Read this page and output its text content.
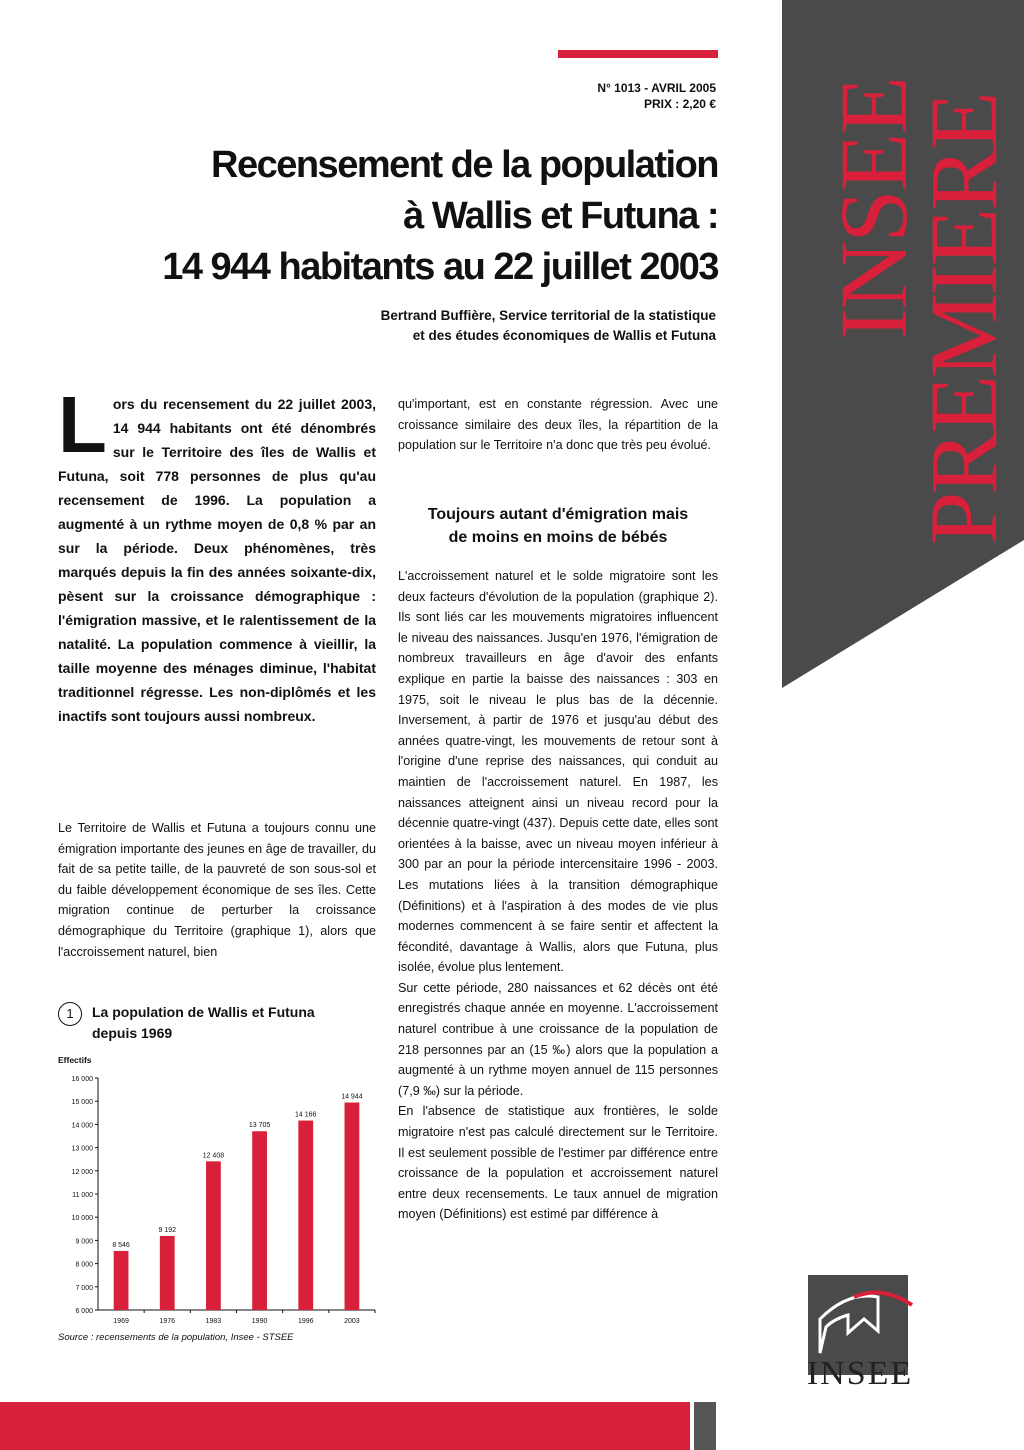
INSEE
PREMIERE
N° 1013 - AVRIL 2005
PRIX : 2,20 €
Recensement de la population
à Wallis et Futuna :
14 944 habitants au 22 juillet 2003
Bertrand Buffière, Service territorial de la statistique
et des études économiques de Wallis et Futuna
Lors du recensement du 22 juillet 2003, 14 944 habitants ont été dénombrés sur le Territoire des îles de Wallis et Futuna, soit 778 personnes de plus qu'au recensement de 1996. La population a augmenté à un rythme moyen de 0,8 % par an sur la période. Deux phénomènes, très marqués depuis la fin des années soixante-dix, pèsent sur la croissance démographique : l'émigration massive, et le ralentissement de la natalité. La population commence à vieillir, la taille moyenne des ménages diminue, l'habitat traditionnel régresse. Les non-diplômés et les inactifs sont toujours aussi nombreux.
Le Territoire de Wallis et Futuna a toujours connu une émigration importante des jeunes en âge de travailler, du fait de sa petite taille, de la pauvreté de son sous-sol et du faible développement économique de ses îles. Cette migration continue de perturber la croissance démographique du Territoire (graphique 1), alors que l'accroissement naturel, bien
1	La population de Wallis et Futuna
depuis 1969
Effectifs
6 000
7 000
8 000
9 000
10 000
11 000
12 000
13 000
14 000
15 000
16 000
8 546
1969
9 192
1976
12 408
1983
13 705
1990
14 166
1996
14 944
2003
Source : recensements de la population, Insee - STSEE
qu'important, est en constante régression. Avec une croissance similaire des deux îles, la répartition de la population sur le Territoire n'a donc que très peu évolué.
Toujours autant d'émigration mais
de moins en moins de bébés

L'accroissement naturel et le solde migratoire sont les deux facteurs d'évolution de la population (graphique 2). Ils sont liés car les mouvements migratoires influencent le niveau des naissances. Jusqu'en 1976, l'émigration de nombreux travailleurs en âge d'avoir des enfants explique en partie la baisse des naissances : 303 en 1975, soit le niveau le plus bas de la décennie. Inversement, à partir de 1976 et jusqu'au début des années quatre-vingt, les mouvements de retour sont à l'origine d'une reprise des naissances, qui conduit au maintien de l'accroissement naturel. En 1987, les naissances atteignent ainsi un niveau record pour la décennie quatre-vingt (437). Depuis cette date, elles sont orientées à la baisse, avec un niveau moyen inférieur à 300 par an pour la période intercensitaire 1996 - 2003. Les mutations liées à la transition démographique (Définitions) et à l'aspiration à des modes de vie plus modernes commencent à se faire sentir et affectent la fécondité, davantage à Wallis, alors que Futuna, plus isolée, évolue plus lentement.

Sur cette période, 280 naissances et 62 décès ont été enregistrés chaque année en moyenne. L'accroissement naturel contribue à une croissance de la population de 218 personnes par an (15 ‰) alors que la population a augmenté à un rythme moyen annuel de 115 personnes (7,9 ‰) sur la période.

En l'absence de statistique aux frontières, le solde migratoire n'est pas calculé directement sur le Territoire. Il est seulement possible de l'estimer par différence entre croissance de la population et accroissement naturel entre deux recensements. Le taux annuel de migration moyen (Définitions) est estimé par différence à

INSEE
